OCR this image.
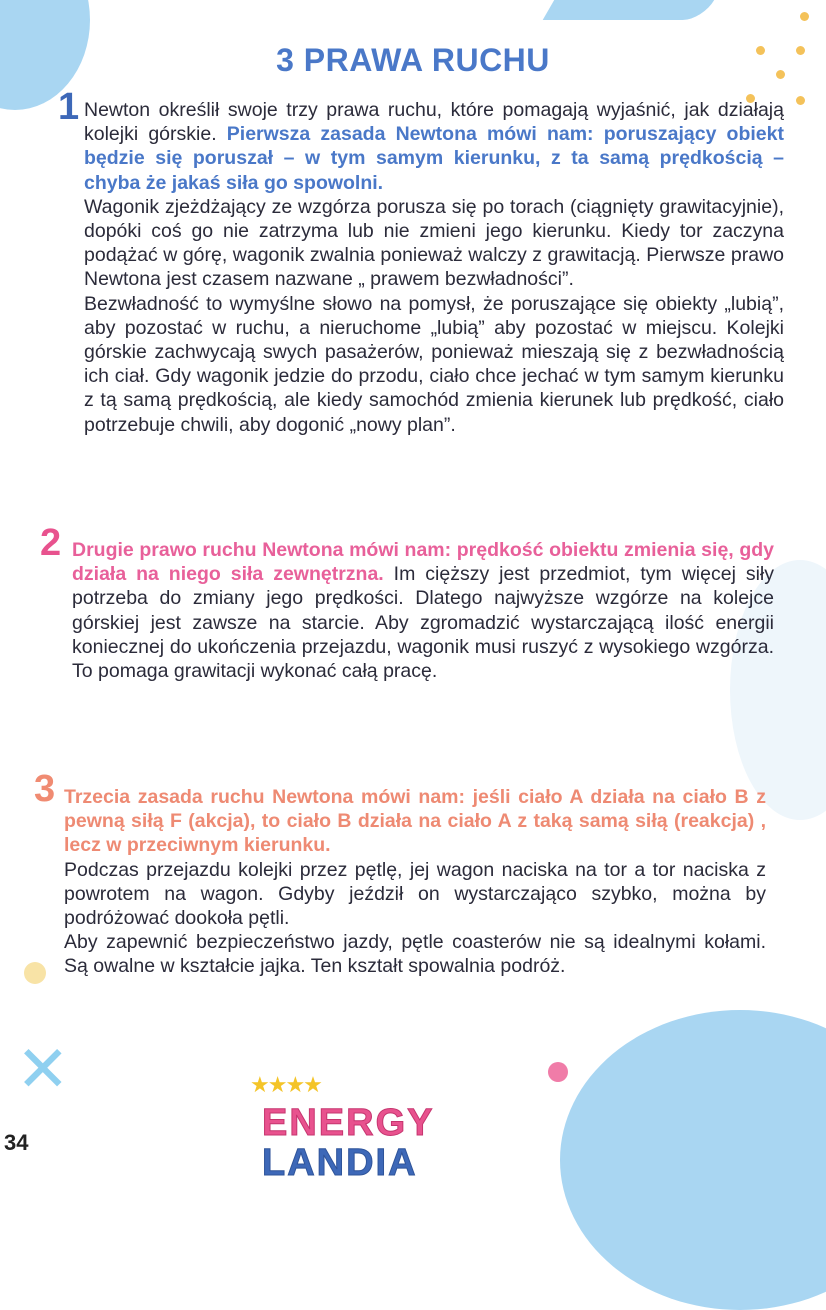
✕
3 PRAWA RUCHU
1 Newton określił swoje trzy prawa ruchu, które pomagają wyjaśnić, jak działają kolejki górskie. Pierwsza zasada Newtona mówi nam: poruszający obiekt będzie się poruszał – w tym samym kierunku, z ta samą prędkością – chyba że jakaś siła go spowolni.

Wagonik zjeżdżający ze wzgórza porusza się po torach (ciągnięty grawitacyjnie), dopóki coś go nie zatrzyma lub nie zmieni jego kierunku. Kiedy tor zaczyna podążać w górę, wagonik zwalnia ponieważ walczy z grawitacją. Pierwsze prawo Newtona jest czasem nazwane „ prawem bezwładności”.

Bezwładność to wymyślne słowo na pomysł, że poruszające się obiekty „lubią”, aby pozostać w ruchu, a nieruchome „lubią” aby pozostać w miejscu. Kolejki górskie zachwycają swych pasażerów, ponieważ mieszają się z bezwładnością ich ciał. Gdy wagonik jedzie do przodu, ciało chce jechać w tym samym kierunku z tą samą prędkością, ale kiedy samochód zmienia kierunek lub prędkość, ciało potrzebuje chwili, aby dogonić „nowy plan”.

2 Drugie prawo ruchu Newtona mówi nam: prędkość obiektu zmienia się, gdy działa na niego siła zewnętrzna. Im cięższy jest przedmiot, tym więcej siły potrzeba do zmiany jego prędkości. Dlatego najwyższe wzgórze na kolejce górskiej jest zawsze na starcie. Aby zgromadzić wystarczającą ilość energii koniecznej do ukończenia przejazdu, wagonik musi ruszyć z wysokiego wzgórza. To pomaga grawitacji wykonać całą pracę.

3 Trzecia zasada ruchu Newtona mówi nam: jeśli ciało A działa na ciało B z pewną siłą F (akcja), to ciało B działa na ciało A z taką samą siłą (reakcja) , lecz w przeciwnym kierunku.

Podczas przejazdu kolejki przez pętlę, jej wagon naciska na tor a tor naciska z powrotem na wagon. Gdyby jeździł on wystarczająco szybko, można by podróżować dookoła pętli.

Aby zapewnić bezpieczeństwo jazdy, pętle coasterów nie są idealnymi kołami. Są owalne w kształcie jajka. Ten kształt spowalnia podróż.

34
★★★★
ENERGY
LANDIA
